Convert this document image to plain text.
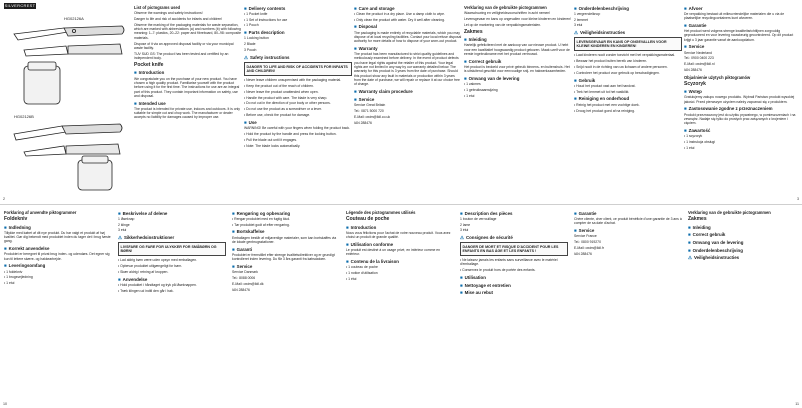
SILVERCREST
HG02126A
HG02126B
List of pictograms used

Observe the warnings and safety instructions!

Danger to life and risk of accidents for infants and children!

Observe the marking of the packaging materials for waste separation, which are marked with abbreviations (a) and numbers (b) with following meaning: 1–7: plastics, 20–22: paper and fibreboard, 80–98: composite materials.

Dispose of it via an approved disposal facility or via your municipal waste facility.

TUV SUD GS: The product has been tested and certified by an independent body.

Pocket knife
■ Introduction

We congratulate you on the purchase of your new product. You have chosen a high quality product. Familiarise yourself with the product before using it for the first time. The instructions for use are an integral part of this product. They contain important information on safety, use and disposal.

■ Intended use

The product is intended for private use, indoors and outdoors. It is only suitable for simple cut and chop work. The manufacturer or dealer accepts no liability for damages caused by improper use.

■ Delivery contents

• 1 Pocket knife

• 1 Set of instructions for use

• 1 Pouch

■ Parts description

1 Locking button

2 Blade

3 Pouch

⚠ Safety instructions
DANGER TO LIFE AND RISK OF ACCIDENTS FOR INFANTS AND CHILDREN!

• Never leave children unsupervised with the packaging material.

• Keep the product out of the reach of children.

• Never leave the product unattended when open.

• Handle the product with care. The blade is very sharp.

• Do not cut in the direction of your body or other persons.

• Do not use the product as a screwdriver or a lever.

• Before use, check the product for damage.

■ Use

WARNING! Be careful with your fingers when folding the product back.

• Hold the product by the handle and press the locking button.

• Pull the blade out until it engages.

• Note: The blade locks automatically.

■ Care and storage

• Clean the product in a dry place. Use a damp cloth to wipe.

• Only clean the product with water. Dry it well after cleaning.

■ Disposal

The packaging is made entirely of recyclable materials, which you may dispose of at local recycling facilities. Contact your local refuse disposal authority for more details of how to dispose of your worn-out product.

■ Warranty

The product has been manufactured to strict quality guidelines and meticulously examined before delivery. In the event of product defects you have legal rights against the retailer of this product. Your legal rights are not limited in any way by our warranty detailed below. The warranty for this product is 3 years from the date of purchase. Should this product show any fault in materials or production within 3 years from the date of purchase, we will repair or replace it at our choice free of charge.

■ Warranty claim procedure
■ Service

Service Great Britain

Tel.: 0871 5000 720

E-Mail: owim@lidl.co.uk

IAN 288476

Verklaring van de gebruikte pictogrammen

Waarschuwing en veiligheidsvoorschriften in acht nemen!

Levensgevaar en kans op ongevallen voor kleine kinderen en kinderen!

Let op de markering van de verpakkingsmaterialen.

Zakmes
■ Inleiding

Hartelijk gefeliciteerd met de aankoop van uw nieuwe product. U hebt voor een kwalitatief hoogwaardig product gekozen. Maak uzelf voor de eerste ingebruikname met het product vertrouwd.

■ Correct gebruik

Het product is bedoeld voor privé gebruik binnens- en buitenshuis. Het is uitsluitend geschikt voor eenvoudige snij- en hakwerkzaamheden.

■ Omvang van de levering

• 1 zakmes

• 1 gebruiksaanwijzing

• 1 etui

■ Onderdelenbeschrijving

1 vergrendelknop

2 lemmet

3 etui

⚠ Veiligheidsinstructies
LEVENSGEVAAR EN KANS OP ONGEVALLEN VOOR KLEINE KINDEREN EN KINDEREN!

• Laat kinderen nooit zonder toezicht met het verpakkingsmateriaal.

• Bewaar het product buiten bereik van kinderen.

• Snijd nooit in de richting van uw lichaam of andere personen.

• Controleer het product voor gebruik op beschadigingen.

■ Gebruik

• Houd het product vast aan het handvat.

• Trek het lemmet uit tot het vastklikt.

■ Reiniging en onderhoud

• Reinig het product met een vochtige doek.

• Droog het product goed af na reiniging.

■ Afvoer

De verpakking bestaat uit milieuvriendelijke materialen die u via de plaatselijke recyclingcontainers kunt afvoeren.

■ Garantie

Het product werd volgens strenge kwaliteitsrichtlijnen zorgvuldig geproduceerd en voor levering nauwkeurig gecontroleerd. Op dit product krijgt u 3 jaar garantie vanaf de aankoopdatum.

■ Service

Service Nederland

Tel.: 0900 0400 223

E-Mail: owim@lidl.nl

IAN 288476

Objaśnienie użytych piktogramów
Scyzoryk
■ Wstęp

Gratulujemy zakupu nowego produktu. Wybrali Państwo produkt wysokiej jakości. Przed pierwszym użyciem należy zapoznać się z produktem.

■ Zastosowanie zgodne z przeznaczeniem

Produkt przeznaczony jest do użytku prywatnego, w pomieszczeniach i na zewnątrz. Nadaje się tylko do prostych prac związanych z krojeniem i cięciem.

■ Zawartość

• 1 scyzoryk

• 1 instrukcja obsługi

• 1 etui

2	3
Forklaring af anvendte piktogrammer
Foldekniv
■ Indledning

Tillykke med købet af dit nye produkt. Du har valgt et produkt af høj kvalitet. Gør dig bekendt med produktet inden du tager det i brug første gang.

■ Korrekt anvendelse

Produktet er beregnet til privat brug inden- og udendørs. Det egner sig kun til lettere skære- og hakkearbejde.

■ Leveringsomfang

• 1 foldekniv

• 1 brugsvejledning

• 1 etui

■ Beskrivelse af delene

1 låseknap

2 klinge

3 etui

⚠ Sikkerhedsinstruktioner
LIVSFARE OG FARE FOR ULYKKER FOR SMÅBØRN OG BØRN!

• Lad aldrig børn være uden opsyn med emballagen.

• Opbevar produktet utilgængeligt for børn.

• Skær aldrig i retning af kroppen.

■ Anvendelse

• Hold produktet i håndtaget og tryk på låseknappen.

• Træk klingen ud indtil den går i hak.

■ Rengøring og opbevaring

• Rengør produktet med en fugtig klud.

• Tør produktet godt af efter rengøring.

■ Bortskaffelse

Emballagen består af miljøvenlige materialer, som kan bortskaffes via de lokale genbrugsstationer.

■ Garanti

Produktet er fremstillet efter strenge kvalitetsdirektiver og er grundigt kontrolleret inden levering. Du får 3 års garanti fra købsdatoen.

■ Service

Service Danmark

Tel.: 8088 0006

E-Mail: owim@lidl.dk

IAN 288476

Légende des pictogrammes utilisés
Couteau de poche
■ Introduction

Nous vous félicitons pour l'achat de votre nouveau produit. Vous avez choisi un produit de grande qualité.

■ Utilisation conforme

Le produit est destiné à un usage privé, en intérieur comme en extérieur.

■ Contenu de la livraison

• 1 couteau de poche

• 1 notice d'utilisation

• 1 étui

■ Description des pièces

1 bouton de verrouillage

2 lame

3 étui

⚠ Consignes de sécurité
DANGER DE MORT ET RISQUE D'ACCIDENT POUR LES ENFANTS EN BAS ÂGE ET LES ENFANTS !

• Ne laissez jamais les enfants sans surveillance avec le matériel d'emballage.

• Conservez le produit hors de portée des enfants.

■ Utilisation
■ Nettoyage et entretien
■ Mise au rebut
■ Garantie

Chère cliente, cher client, ce produit bénéficie d'une garantie de 3 ans à compter de sa date d'achat.

■ Service

Service France

Tel.: 0800 919270

E-Mail: owim@lidl.fr

IAN 288476

Verklaring van de gebruikte pictogrammen
Zakmes
■ Inleiding
■ Correct gebruik
■ Omvang van de levering
■ Onderdelenbeschrijving
⚠ Veiligheidsinstructies
10	11
